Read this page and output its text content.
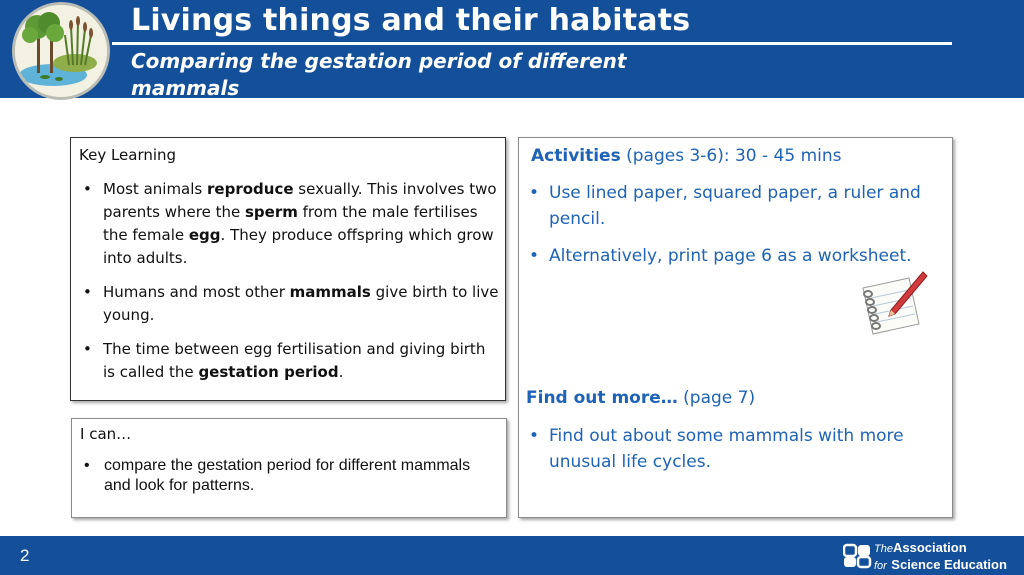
Livings things and their habitats
Comparing the gestation period of different mammals
Key Learning
• Most animals reproduce sexually. This involves two parents where the sperm from the male fertilises the female egg. They produce offspring which grow into adults.
• Humans and most other mammals give birth to live young.
• The time between egg fertilisation and giving birth is called the gestation period.
I can…
• compare the gestation period for different mammals and look for patterns.
Activities (pages 3-6): 30 - 45 mins
• Use lined paper, squared paper, a ruler and pencil.
• Alternatively, print page 6 as a worksheet.
Find out more… (page 7)
• Find out about some mammals with more unusual life cycles.
2	TheAssociation
for Science Education
